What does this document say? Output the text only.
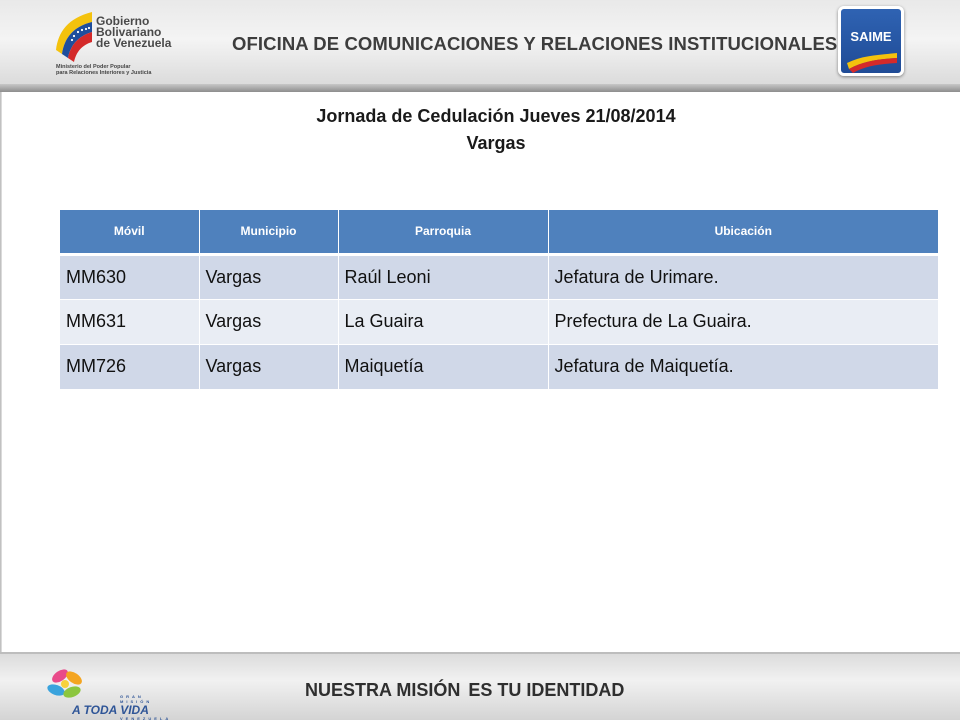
Gobierno
Bolivariano
de Venezuela
Ministerio del Poder Popular
para Relaciones Interiores y Justicia
OFICINA DE COMUNICACIONES Y RELACIONES INSTITUCIONALES	SAIME
Jornada de Cedulación Jueves 21/08/2014
Vargas
Móvil	Municipio	Parroquia	Ubicación
MM630	Vargas	Raúl Leoni	Jefatura de Urimare.
MM631	Vargas	La Guaira	Prefectura de La Guaira.
MM726	Vargas	Maiquetía	Jefatura de Maiquetía.
GRAN MISIÓN
A TODA VIDA
VENEZUELA
NUESTRA MISIÓN ES TU IDENTIDAD
